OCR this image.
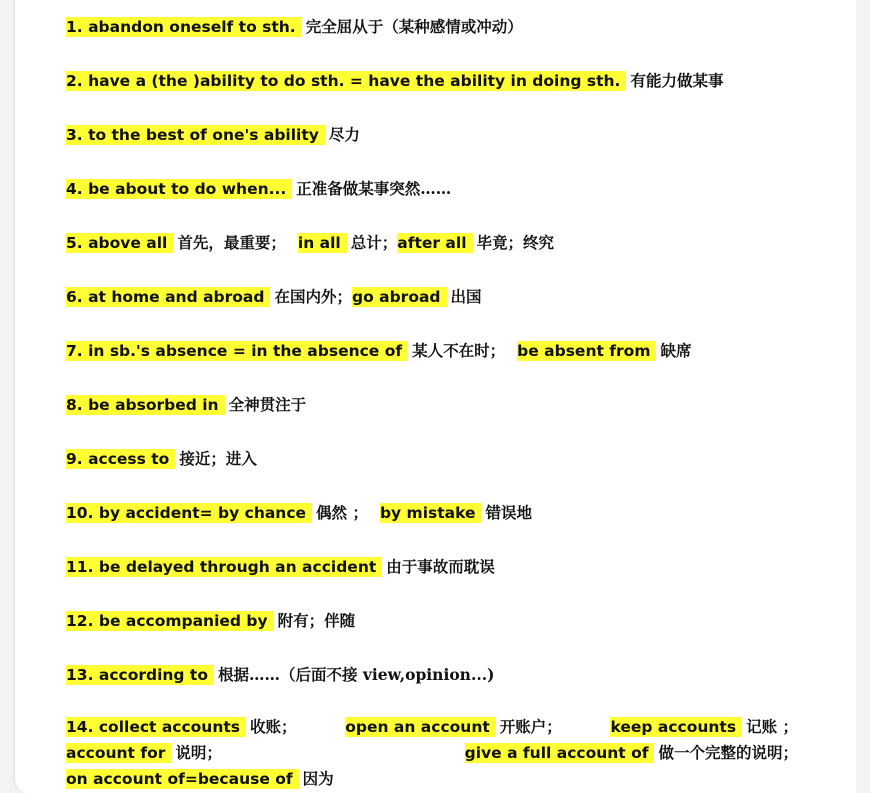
1. abandon oneself to sth. 完全屈从于（某种感情或冲动）
2. have a (the )ability to do sth. = have the ability in doing sth. 有能力做某事
3. to the best of one's ability 尽力
4. be about to do when... 正准备做某事突然……
5. above all 首先，最重要； in all 总计；after all 毕竟；终究
6. at home and abroad 在国内外；go abroad 出国
7. in sb.'s absence = in the absence of 某人不在时； be absent from 缺席
8. be absorbed in 全神贯注于
9. access to 接近；进入
10. by accident= by chance 偶然 ； by mistake 错误地
11. be delayed through an accident 由于事故而耽误
12. be accompanied by 附有；伴随
13. according to 根据……（后面不接 view,opinion...)
14. collect accounts 收账；	open an account 开账户；	keep accounts 记账 ；
account for 说明；	give a full account of 做一个完整的说明；
on account of=because of 因为
